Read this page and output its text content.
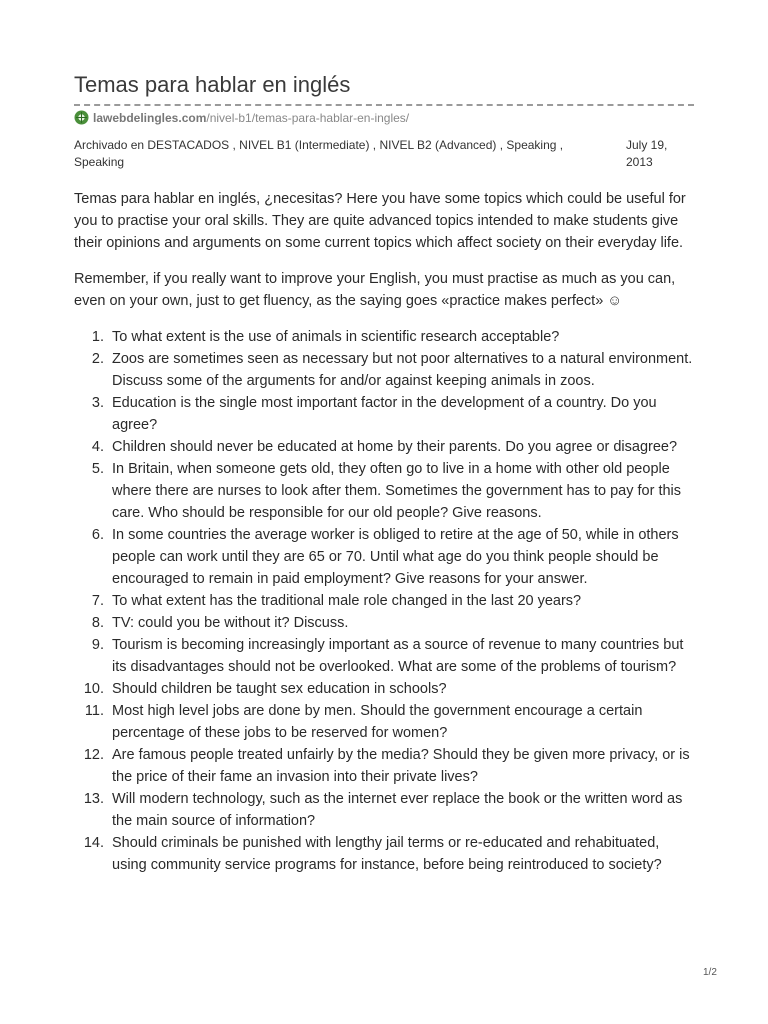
Temas para hablar en inglés
lawebdelingles.com /nivel-b1/temas-para-hablar-en-ingles/
Archivado en DESTACADOS , NIVEL B1 (Intermediate) , NIVEL B2 (Advanced) , Speaking ,
Speaking
July 19,
2013

Temas para hablar en inglés, ¿necesitas? Here you have some topics which could be useful for you to practise your oral skills. They are quite advanced topics intended to make students give their opinions and arguments on some current topics which affect society on their everyday life.

Remember, if you really want to improve your English, you must practise as much as you can, even on your own, just to get fluency, as the saying goes «practice makes perfect» ☺

1. To what extent is the use of animals in scientific research acceptable?
2. Zoos are sometimes seen as necessary but not poor alternatives to a natural environment. Discuss some of the arguments for and/or against keeping animals in zoos.
3. Education is the single most important factor in the development of a country. Do you agree?
4. Children should never be educated at home by their parents. Do you agree or disagree?
5. In Britain, when someone gets old, they often go to live in a home with other old people where there are nurses to look after them. Sometimes the government has to pay for this care. Who should be responsible for our old people? Give reasons.
6. In some countries the average worker is obliged to retire at the age of 50, while in others people can work until they are 65 or 70. Until what age do you think people should be encouraged to remain in paid employment? Give reasons for your answer.
7. To what extent has the traditional male role changed in the last 20 years?
8. TV: could you be without it? Discuss.
9. Tourism is becoming increasingly important as a source of revenue to many countries but its disadvantages should not be overlooked. What are some of the problems of tourism?
10. Should children be taught sex education in schools?
11. Most high level jobs are done by men. Should the government encourage a certain percentage of these jobs to be reserved for women?
12. Are famous people treated unfairly by the media? Should they be given more privacy, or is the price of their fame an invasion into their private lives?
13. Will modern technology, such as the internet ever replace the book or the written word as the main source of information?
14. Should criminals be punished with lengthy jail terms or re-educated and rehabituated, using community service programs for instance, before being reintroduced to society?
1/2
